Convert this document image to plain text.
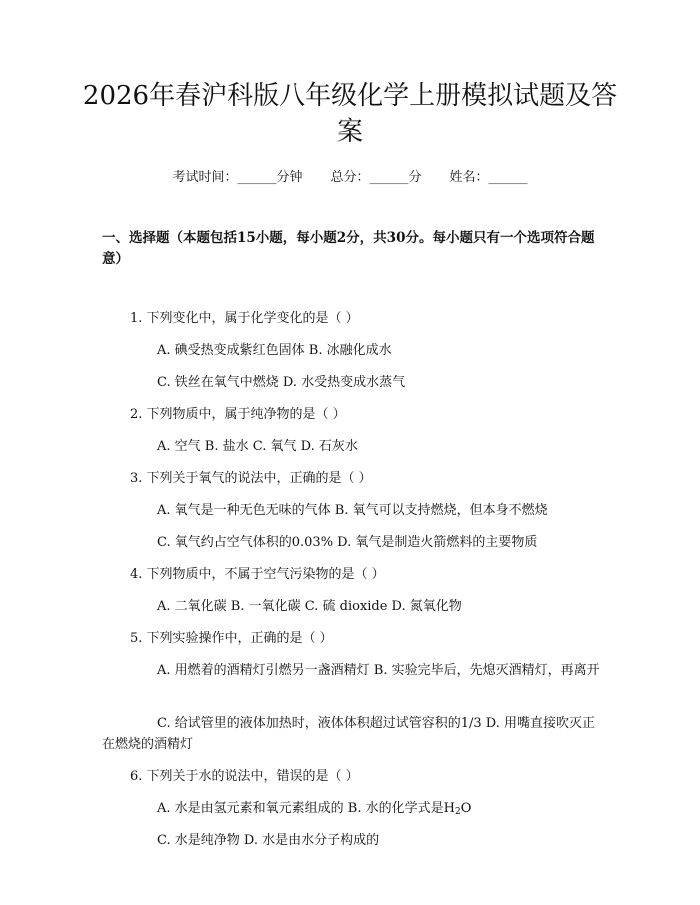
2026年春沪科版八年级化学上册模拟试题及答案
考试时间：______分钟 总分：______分 姓名：______
一、选择题（本题包括15小题，每小题2分，共30分。每小题只有一个选项符合题意）
1. 下列变化中，属于化学变化的是（ ）
A. 碘受热变成紫红色固体 B. 冰融化成水
C. 铁丝在氧气中燃烧 D. 水受热变成水蒸气
2. 下列物质中，属于纯净物的是（ ）
A. 空气 B. 盐水 C. 氧气 D. 石灰水
3. 下列关于氧气的说法中，正确的是（ ）
A. 氧气是一种无色无味的气体 B. 氧气可以支持燃烧，但本身不燃烧
C. 氧气约占空气体积的0.03% D. 氧气是制造火箭燃料的主要物质
4. 下列物质中，不属于空气污染物的是（ ）
A. 二氧化碳 B. 一氧化碳 C. 硫 dioxide D. 氮氧化物
5. 下列实验操作中，正确的是（ ）
A. 用燃着的酒精灯引燃另一盏酒精灯 B. 实验完毕后，先熄灭酒精灯，再离开
C. 给试管里的液体加热时，液体体积超过试管容积的1/3 D. 用嘴直接吹灭正在燃烧的酒精灯
6. 下列关于水的说法中，错误的是（ ）
A. 水是由氢元素和氧元素组成的 B. 水的化学式是$H_2O$
C. 水是纯净物 D. 水是由水分子构成的
